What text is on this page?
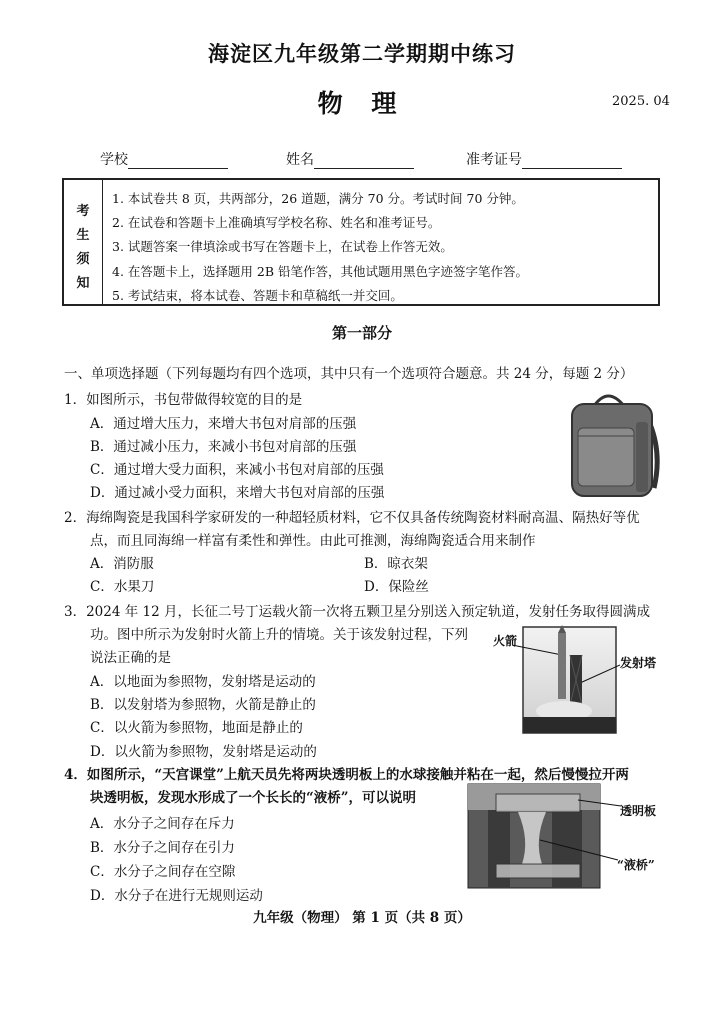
海淀区九年级第二学期期中练习
物 理	2025. 04
学校	姓名	准考证号
考
生
须
知
1. 本试卷共 8 页，共两部分，26 道题，满分 70 分。考试时间 70 分钟。
2. 在试卷和答题卡上准确填写学校名称、姓名和准考证号。
3. 试题答案一律填涂或书写在答题卡上，在试卷上作答无效。
4. 在答题卡上，选择题用 2B 铅笔作答，其他试题用黑色字迹签字笔作答。
5. 考试结束，将本试卷、答题卡和草稿纸一并交回。
第一部分
一、单项选择题（下列每题均有四个选项，其中只有一个选项符合题意。共 24 分，每题 2 分）
1．如图所示，书包带做得较宽的目的是
A．通过增大压力，来增大书包对肩部的压强
B．通过减小压力，来减小书包对肩部的压强
C．通过增大受力面积，来减小书包对肩部的压强
D．通过减小受力面积，来增大书包对肩部的压强
2．海绵陶瓷是我国科学家研发的一种超轻质材料，它不仅具备传统陶瓷材料耐高温、隔热好等优
点，而且同海绵一样富有柔性和弹性。由此可推测，海绵陶瓷适合用来制作
A．消防服	B．晾衣架
C．水果刀	D．保险丝
3．2024 年 12 月，长征二号丁运载火箭一次将五颗卫星分别送入预定轨道，发射任务取得圆满成
功。图中所示为发射时火箭上升的情境。关于该发射过程，下列
说法正确的是
A．以地面为参照物，发射塔是运动的
B．以发射塔为参照物，火箭是静止的
C．以火箭为参照物，地面是静止的
D．以火箭为参照物，发射塔是运动的
火箭
发射塔
4．如图所示，“天宫课堂”上航天员先将两块透明板上的水球接触并粘在一起，然后慢慢拉开两
块透明板，发现水形成了一个长长的“液桥”，可以说明
A．水分子之间存在斥力
B．水分子之间存在引力
C．水分子之间存在空隙
D．水分子在进行无规则运动
透明板
“液桥”
九年级（物理） 第 1 页（共 8 页）
